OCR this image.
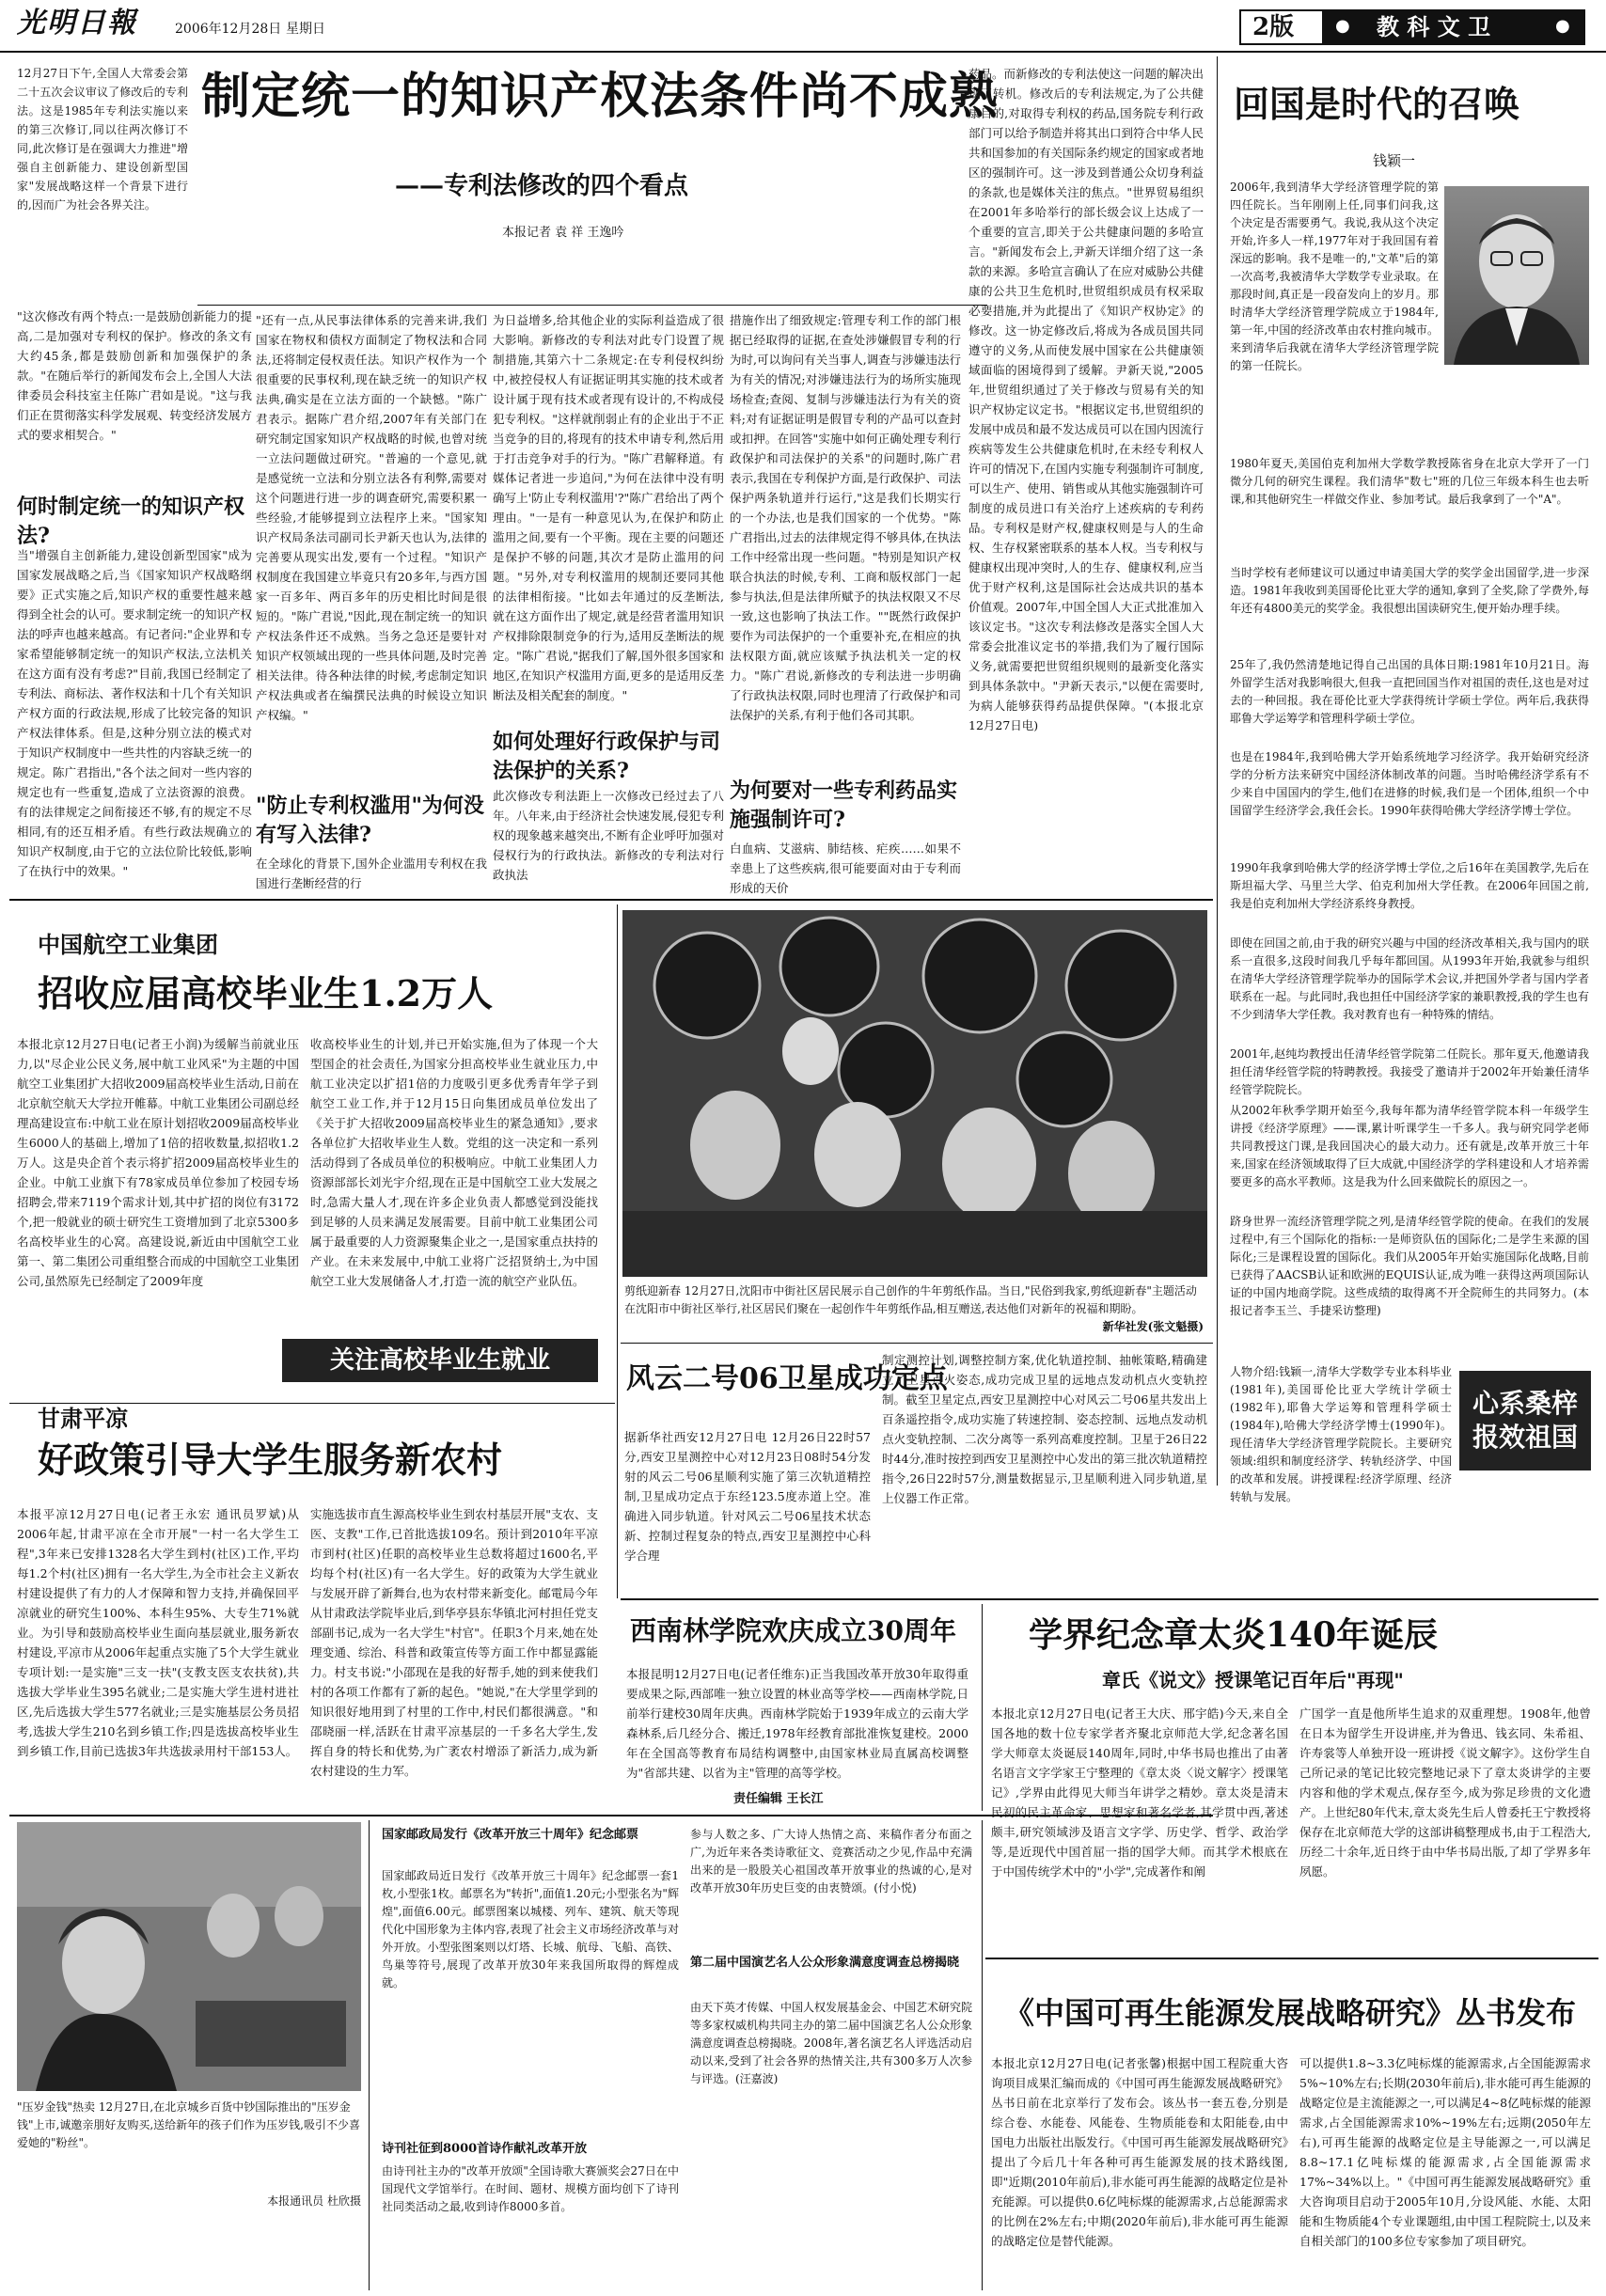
光明日報	2006年12月28日 星期日	2版 ● 教 科 文 卫	●
12月27日下午,全国人大常委会第二十五次会议审议了修改后的专利法。这是1985年专利法实施以来的第三次修订,同以往两次修订不同,此次修订是在强调大力推进"增强自主创新能力、建设创新型国家"发展战略这样一个背景下进行的,因而广为社会各界关注。
制定统一的知识产权法条件尚不成熟
——专利法修改的四个看点
本报记者 袁 祥 王逸吟
"这次修改有两个特点:一是鼓励创新能力的提高,二是加强对专利权的保护。修改的条文有大约45条,都是鼓励创新和加强保护的条款。"在随后举行的新闻发布会上,全国人大法律委员会科技室主任陈广君如是说。"这与我们正在贯彻落实科学发展观、转变经济发展方式的要求相契合。"
何时制定统一的知识产权法?
当"增强自主创新能力,建设创新型国家"成为国家发展战略之后,当《国家知识产权战略纲要》正式实施之后,知识产权的重要性越来越得到全社会的认可。要求制定统一的知识产权法的呼声也越来越高。有记者问:"企业界和专家希望能够制定统一的知识产权法,立法机关在这方面有没有考虑?"目前,我国已经制定了专利法、商标法、著作权法和十几个有关知识产权方面的行政法规,形成了比较完备的知识产权法律体系。但是,这种分别立法的模式对于知识产权制度中一些共性的内容缺乏统一的规定。陈广君指出,"各个法之间对一些内容的规定也有一些重复,造成了立法资源的浪费。有的法律规定之间衔接还不够,有的规定不尽相同,有的还互相矛盾。有些行政法规确立的知识产权制度,由于它的立法位阶比较低,影响了在执行中的效果。"
"还有一点,从民事法律体系的完善来讲,我们国家在物权和债权方面制定了物权法和合同法,还将制定侵权责任法。知识产权作为一个很重要的民事权利,现在缺乏统一的知识产权法典,确实是在立法方面的一个缺憾。"陈广君表示。据陈广君介绍,2007年有关部门在研究制定国家知识产权战略的时候,也曾对统一立法问题做过研究。"普遍的一个意见,就是感觉统一立法和分别立法各有利弊,需要对这个问题进行进一步的调查研究,需要积累一些经验,才能够提到立法程序上来。"国家知识产权局条法司副司长尹新天也认为,法律的完善要从现实出发,要有一个过程。"知识产权制度在我国建立毕竟只有20多年,与西方国家一百多年、两百多年的历史相比时间是很短的。"陈广君说,"因此,现在制定统一的知识产权法条件还不成熟。当务之急还是要针对知识产权领域出现的一些具体问题,及时完善相关法律。待各种法律的时候,考虑制定知识产权法典或者在编撰民法典的时候设立知识产权编。"
"防止专利权滥用"为何没有写入法律?
在全球化的背景下,国外企业滥用专利权在我国进行垄断经营的行
为日益增多,给其他企业的实际利益造成了很大影响。新修改的专利法对此专门设置了规制措施,其第六十二条规定:在专利侵权纠纷中,被控侵权人有证据证明其实施的技术或者设计属于现有技术或者现有设计的,不构成侵犯专利权。"这样就削弱止有的企业出于不正当竞争的目的,将现有的技术申请专利,然后用于打击竞争对手的行为。"陈广君解释道。有媒体记者进一步追问,"为何在法律中没有明确写上'防止专利权滥用'?"陈广君给出了两个理由。"一是有一种意见认为,在保护和防止滥用之间,要有一个平衡。现在主要的问题还是保护不够的问题,其次才是防止滥用的问题。"另外,对专利权滥用的规制还要同其他的法律相衔接。"比如去年通过的反垄断法,就在这方面作出了规定,就是经营者滥用知识产权排除限制竞争的行为,适用反垄断法的规定。"陈广君说,"据我们了解,国外很多国家和地区,在知识产权滥用方面,更多的是适用反垄断法及相关配套的制度。"
如何处理好行政保护与司法保护的关系?
此次修改专利法距上一次修改已经过去了八年。八年来,由于经济社会快速发展,侵犯专利权的现象越来越突出,不断有企业呼吁加强对侵权行为的行政执法。新修改的专利法对行政执法
措施作出了细致规定:管理专利工作的部门根据已经取得的证据,在查处涉嫌假冒专利的行为时,可以询问有关当事人,调查与涉嫌违法行为有关的情况;对涉嫌违法行为的场所实施现场检查;查阅、复制与涉嫌违法行为有关的资料;对有证据证明是假冒专利的产品可以查封或扣押。在回答"实施中如何正确处理专利行政保护和司法保护的关系"的问题时,陈广君表示,我国在专利保护方面,是行政保护、司法保护两条轨道并行运行,"这是我们长期实行的一个办法,也是我们国家的一个优势。"陈广君指出,过去的法律规定得不够具体,在执法工作中经常出现一些问题。"特别是知识产权联合执法的时候,专利、工商和版权部门一起参与执法,但是法律所赋予的执法权限又不尽一致,这也影响了执法工作。""既然行政保护要作为司法保护的一个重要补充,在相应的执法权限方面,就应该赋予执法机关一定的权力。"陈广君说,新修改的专利法进一步明确了行政执法权限,同时也理清了行政保护和司法保护的关系,有利于他们各司其职。
为何要对一些专利药品实施强制许可?
白血病、艾滋病、肺结核、疟疾……如果不幸患上了这些疾病,很可能要面对由于专利而形成的天价
药品。而新修改的专利法使这一问题的解决出现了转机。修改后的专利法规定,为了公共健康目的,对取得专利权的药品,国务院专利行政部门可以给予制造并将其出口到符合中华人民共和国参加的有关国际条约规定的国家或者地区的强制许可。这一涉及到普通公众切身利益的条款,也是媒体关注的焦点。"世界贸易组织在2001年多哈举行的部长级会议上达成了一个重要的宣言,即关于公共健康问题的多哈宣言。"新闻发布会上,尹新天详细介绍了这一条款的来源。多哈宣言确认了在应对威胁公共健康的公共卫生危机时,世贸组织成员有权采取必要措施,并为此提出了《知识产权协定》的修改。这一协定修改后,将成为各成员国共同遵守的义务,从而使发展中国家在公共健康领域面临的困境得到了缓解。尹新天说,"2005年,世贸组织通过了关于修改与贸易有关的知识产权协定议定书。"根据议定书,世贸组织的发展中成员和最不发达成员可以在国内因流行疾病等发生公共健康危机时,在未经专利权人许可的情况下,在国内实施专利强制许可制度,可以生产、使用、销售或从其他实施强制许可制度的成员进口有关治疗上述疾病的专利药品。专利权是财产权,健康权则是与人的生命权、生存权紧密联系的基本人权。当专利权与健康权出现冲突时,人的生存、健康权利,应当优于财产权利,这是国际社会达成共识的基本价值观。2007年,中国全国人大正式批准加入该议定书。"这次专利法修改是落实全国人大常委会批准议定书的举措,我们为了履行国际义务,就需要把世贸组织规则的最新变化落实到具体条款中。"尹新天表示,"以便在需要时,为病人能够获得药品提供保障。"(本报北京12月27日电)
回国是时代的召唤
钱颖一
2006年,我到清华大学经济管理学院的第四任院长。当年刚刚上任,同事们问我,这个决定是否需要勇气。我说,我从这个决定开始,许多人一样,1977年对于我回国有着深远的影响。我不是唯一的,"文革"后的第一次高考,我被清华大学数学专业录取。在那段时间,真正是一段奋发向上的岁月。那时清华大学经济管理学院成立于1984年,第一年,中国的经济改革由农村推向城市。来到清华后我就在清华大学经济管理学院的第一任院长。
1980年夏天,美国伯克利加州大学数学教授陈省身在北京大学开了一门微分几何的研究生课程。我们清华"数七"班的几位三年级本科生也去听课,和其他研究生一样做交作业、参加考试。最后我拿到了一个"A"。
当时学校有老师建议可以通过申请美国大学的奖学金出国留学,进一步深造。1981年我收到美国哥伦比亚大学的通知,拿到了全奖,除了学费外,每年还有4800美元的奖学金。我很想出国读研究生,便开始办理手续。
25年了,我仍然清楚地记得自己出国的具体日期:1981年10月21日。海外留学生活对我影响很大,但我一直把回国当作对祖国的责任,这也是对过去的一种回报。我在哥伦比亚大学获得统计学硕士学位。两年后,我获得耶鲁大学运筹学和管理科学硕士学位。
也是在1984年,我到哈佛大学开始系统地学习经济学。我开始研究经济学的分析方法来研究中国经济体制改革的问题。当时哈佛经济学系有不少来自中国国内的学生,他们在进修的时候,我们是一个团体,组织一个中国留学生经济学会,我任会长。1990年获得哈佛大学经济学博士学位。
1990年我拿到哈佛大学的经济学博士学位,之后16年在美国教学,先后在斯坦福大学、马里兰大学、伯克利加州大学任教。在2006年回国之前,我是伯克利加州大学经济系终身教授。
即使在回国之前,由于我的研究兴趣与中国的经济改革相关,我与国内的联系一直很多,这段时间我几乎每年都回国。从1993年开始,我就参与组织在清华大学经济管理学院举办的国际学术会议,并把国外学者与国内学者联系在一起。与此同时,我也担任中国经济学家的兼职教授,我的学生也有不少到清华大学任教。我对教育也有一种特殊的情结。
2001年,赵纯均教授出任清华经管学院第二任院长。那年夏天,他邀请我担任清华经管学院的特聘教授。我接受了邀请并于2002年开始兼任清华经管学院院长。
从2002年秋季学期开始至今,我每年都为清华经管学院本科一年级学生讲授《经济学原理》——课,累计听课学生一千多人。我与研究同学老师共同教授这门课,是我回国决心的最大动力。还有就是,改革开放三十年来,国家在经济领域取得了巨大成就,中国经济学的学科建设和人才培养需要更多的高水平教师。这是我为什么回来做院长的原因之一。
跻身世界一流经济管理学院之列,是清华经管学院的使命。在我们的发展过程中,有三个国际化的指标:一是师资队伍的国际化;二是学生来源的国际化;三是课程设置的国际化。我们从2005年开始实施国际化战略,目前已获得了AACSB认证和欧洲的EQUIS认证,成为唯一获得这两项国际认证的中国内地商学院。这些成绩的取得离不开全院师生的共同努力。(本报记者李玉兰、手捷采访整理)
人物介绍:钱颖一,清华大学数学专业本科毕业(1981年),美国哥伦比亚大学统计学硕士(1982年),耶鲁大学运筹和管理科学硕士(1984年),哈佛大学经济学博士(1990年)。现任清华大学经济管理学院院长。主要研究领域:组织和制度经济学、转轨经济学、中国的改革和发展。讲授课程:经济学原理、经济转轨与发展。
心系桑梓 报效祖国
中国航空工业集团
招收应届高校毕业生1.2万人
本报北京12月27日电(记者王小润)为缓解当前就业压力,以"尽企业公民义务,展中航工业风采"为主题的中国航空工业集团扩大招收2009届高校毕业生活动,日前在北京航空航天大学拉开帷幕。中航工业集团公司副总经理高建设宣布:中航工业在原计划招收2009届高校毕业生6000人的基础上,增加了1倍的招收数量,拟招收1.2万人。这是央企首个表示将扩招2009届高校毕业生的企业。中航工业旗下有78家成员单位参加了校园专场招聘会,带来7119个需求计划,其中扩招的岗位有3172个,把一般就业的硕士研究生工资增加到了北京5300多名高校毕业生的心窝。高建设说,新近由中国航空工业第一、第二集团公司重组整合而成的中国航空工业集团公司,虽然原先已经制定了2009年度
收高校毕业生的计划,并已开始实施,但为了体现一个大型国企的社会责任,为国家分担高校毕业生就业压力,中航工业决定以扩招1倍的力度吸引更多优秀青年学子到航空工业工作,并于12月15日向集团成员单位发出了《关于扩大招收2009届高校毕业生的紧急通知》,要求各单位扩大招收毕业生人数。党组的这一决定和一系列活动得到了各成员单位的积极响应。中航工业集团人力资源部部长刘光宇介绍,现在正是中国航空工业大发展之时,急需大量人才,现在许多企业负责人都感觉到没能找到足够的人员来满足发展需要。目前中航工业集团公司属于最重要的人力资源聚集企业之一,是国家重点扶持的产业。在未来发展中,中航工业将广泛招贤纳士,为中国航空工业大发展储备人才,打造一流的航空产业队伍。
关注高校毕业生就业
剪纸迎新春 12月27日,沈阳市中街社区居民展示自己创作的牛年剪纸作品。当日,"民俗到我家,剪纸迎新春"主题活动在沈阳市中街社区举行,社区居民们聚在一起创作牛年剪纸作品,相互赠送,表达他们对新年的祝福和期盼。
新华社发(张文魁摄)
风云二号06卫星成功定点
据新华社西安12月27日电 12月26日22时57分,西安卫星测控中心对12月23日08时54分发射的风云二号06星顺利实施了第三次轨道精控制,卫星成功定点于东经123.5度赤道上空。准确进入同步轨道。针对风云二号06星技术状态新、控制过程复杂的特点,西安卫星测控中心科学合理
制定测控计划,调整控制方案,优化轨道控制、抽帐策略,精确建立了卫星点火姿态,成功完成卫星的远地点发动机点火变轨控制。截至卫星定点,西安卫星测控中心对风云二号06星共发出上百条遥控指令,成功实施了转速控制、姿态控制、远地点发动机点火变轨控制、二次分离等一系列高难度控制。卫星于26日22时44分,准时按控到西安卫星测控中心发出的第三批次轨道精控指令,26日22时57分,测量数据显示,卫星顺利进入同步轨道,星上仪器工作正常。
甘肃平凉
好政策引导大学生服务新农村
本报平凉12月27日电(记者王永宏 通讯员罗斌)从2006年起,甘肃平凉在全市开展"一村一名大学生工程",3年来已安排1328名大学生到村(社区)工作,平均每1.2个村(社区)拥有一名大学生,为全市社会主义新农村建设提供了有力的人才保障和智力支持,并确保回平凉就业的研究生100%、本科生95%、大专生71%就业。为引导和鼓励高校毕业生面向基层就业,服务新农村建设,平凉市从2006年起重点实施了5个大学生就业专项计划:一是实施"三支一扶"(支教支医支农扶贫),共选拔大学毕业生395名就业;二是实施大学生进村进社区,先后选拔大学生577名就业;三是实施基层公务员招考,选拔大学生210名到乡镇工作;四是选拔高校毕业生到乡镇工作,目前已选拔3年共选拔录用村干部153人。
实施选拔市直生源高校毕业生到农村基层开展"支农、支医、支教"工作,已首批选拔109名。预计到2010年平凉市到村(社区)任职的高校毕业生总数将超过1600名,平均每个村(社区)有一名大学生。好的政策为大学生就业与发展开辟了新舞台,也为农村带来新变化。邮電局今年从甘肃政法学院毕业后,到华亭县东华镇北河村担任党支部副书记,成为一名大学生"村官"。任职3个月来,她在处理变通、综治、科普和政策宣传等方面工作中都显露能力。村支书说:"小邵现在是我的好帮手,她的到来使我们村的各项工作都有了新的起色。"她说,"在大学里学到的知识很好地用到了村里的工作中,村民们都很满意。"和邵晓丽一样,活跃在甘肃平凉基层的一千多名大学生,发挥自身的特长和优势,为广袤农村增添了新活力,成为新农村建设的生力军。
西南林学院欢庆成立30周年
本报昆明12月27日电(记者任维东)正当我国改革开放30年取得重要成果之际,西部唯一独立设置的林业高等学校——西南林学院,日前举行建校30周年庆典。西南林学院始于1939年成立的云南大学森林系,后几经分合、搬迁,1978年经教育部批准恢复建校。2000年在全国高等教育布局结构调整中,由国家林业局直属高校调整为"省部共建、以省为主"管理的高等学校。
责任编辑 王长江
学界纪念章太炎140年诞辰
章氏《说文》授课笔记百年后"再现"
本报北京12月27日电(记者王大庆、邢宇皓)今天,来自全国各地的数十位专家学者齐聚北京师范大学,纪念著名国学大师章太炎诞辰140周年,同时,中华书局也推出了由著名语言文字学家王宁整理的《章太炎〈说文解字〉授课笔记》,学界由此得见大师当年讲学之精妙。章太炎是清末民初的民主革命家、思想家和著名学者,其学贯中西,著述颇丰,研究领域涉及语言文字学、历史学、哲学、政治学等,是近现代中国首屈一指的国学大师。而其学术根底在于中国传统学术中的"小学",完成著作和阐
广国学一直是他所毕生追求的双重理想。1908年,他曾在日本为留学生开设讲座,并为鲁迅、钱玄同、朱希祖、许寿裳等人单独开设一班讲授《说文解字》。这份学生自己所记录的笔记比较完整地记录下了章太炎讲学的主要内容和他的学术观点,保存至今,成为弥足珍贵的文化遗产。上世纪80年代末,章太炎先生后人曾委托王宁教授将保存在北京师范大学的这部讲稿整理成书,由于工程浩大,历经二十余年,近日终于由中华书局出版,了却了学界多年夙愿。
"压岁金钱"热卖 12月27日,在北京城乡百货中钞国际推出的"压岁金钱"上市,诚邀亲朋好友购买,送给新年的孩子们作为压岁钱,吸引不少喜爱她的"粉丝"。
本报通讯员 杜欣摄
国家邮政局发行《改革开放三十周年》纪念邮票
国家邮政局近日发行《改革开放三十周年》纪念邮票一套1枚,小型张1枚。邮票名为"转折",面值1.20元;小型张名为"辉煌",面值6.00元。邮票图案以城楼、列车、建筑、航天等现代化中国形象为主体内容,表现了社会主义市场经济改革与对外开放。小型张图案则以灯塔、长城、航母、飞船、高铁、鸟巢等符号,展现了改革开放30年来我国所取得的辉煌成就。
诗刊社征到8000首诗作献礼改革开放
由诗刊社主办的"改革开放颂"全国诗歌大赛颁奖会27日在中国现代文学馆举行。在时间、题材、规模方面均创下了诗刊社同类活动之最,收到诗作8000多首。
参与人数之多、广大诗人热情之高、来稿作者分布面之广,为近年来各类诗歌征文、竞赛活动之少见,作品中充满出来的是一股股关心祖国改革开放事业的热诚的心,是对改革开放30年历史巨变的由衷赞颂。(付小悦)
第二届中国演艺名人公众形象满意度调查总榜揭晓
由天下英才传媒、中国人权发展基金会、中国艺术研究院等多家权威机构共同主办的第二届中国演艺名人公众形象满意度调查总榜揭晓。2008年,著名演艺名人评选活动启动以来,受到了社会各界的热情关注,共有300多万人次参与评选。(汪嘉波)
《中国可再生能源发展战略研究》丛书发布
本报北京12月27日电(记者张馨)根据中国工程院重大咨询项目成果汇编而成的《中国可再生能源发展战略研究》丛书日前在北京举行了发布会。该丛书一套五卷,分别是综合卷、水能卷、风能卷、生物质能卷和太阳能卷,由中国电力出版社出版发行。《中国可再生能源发展战略研究》提出了今后几十年各种可再生能源发展的技术路线图,即"近期(2010年前后),非水能可再生能源的战略定位是补充能源。可以提供0.6亿吨标煤的能源需求,占总能源需求的比例在2%左右;中期(2020年前后),非水能可再生能源的战略定位是替代能源。
可以提供1.8~3.3亿吨标煤的能源需求,占全国能源需求5%~10%左右;长期(2030年前后),非水能可再生能源的战略定位是主流能源之一,可以满足4~8亿吨标煤的能源需求,占全国能源需求10%~19%左右;远期(2050年左右),可再生能源的战略定位是主导能源之一,可以满足8.8~17.1亿吨标煤的能源需求,占全国能源需求17%~34%以上。"《中国可再生能源发展战略研究》重大咨询项目启动于2005年10月,分设风能、水能、太阳能和生物质能4个专业课题组,由中国工程院院士,以及来自相关部门的100多位专家参加了项目研究。
